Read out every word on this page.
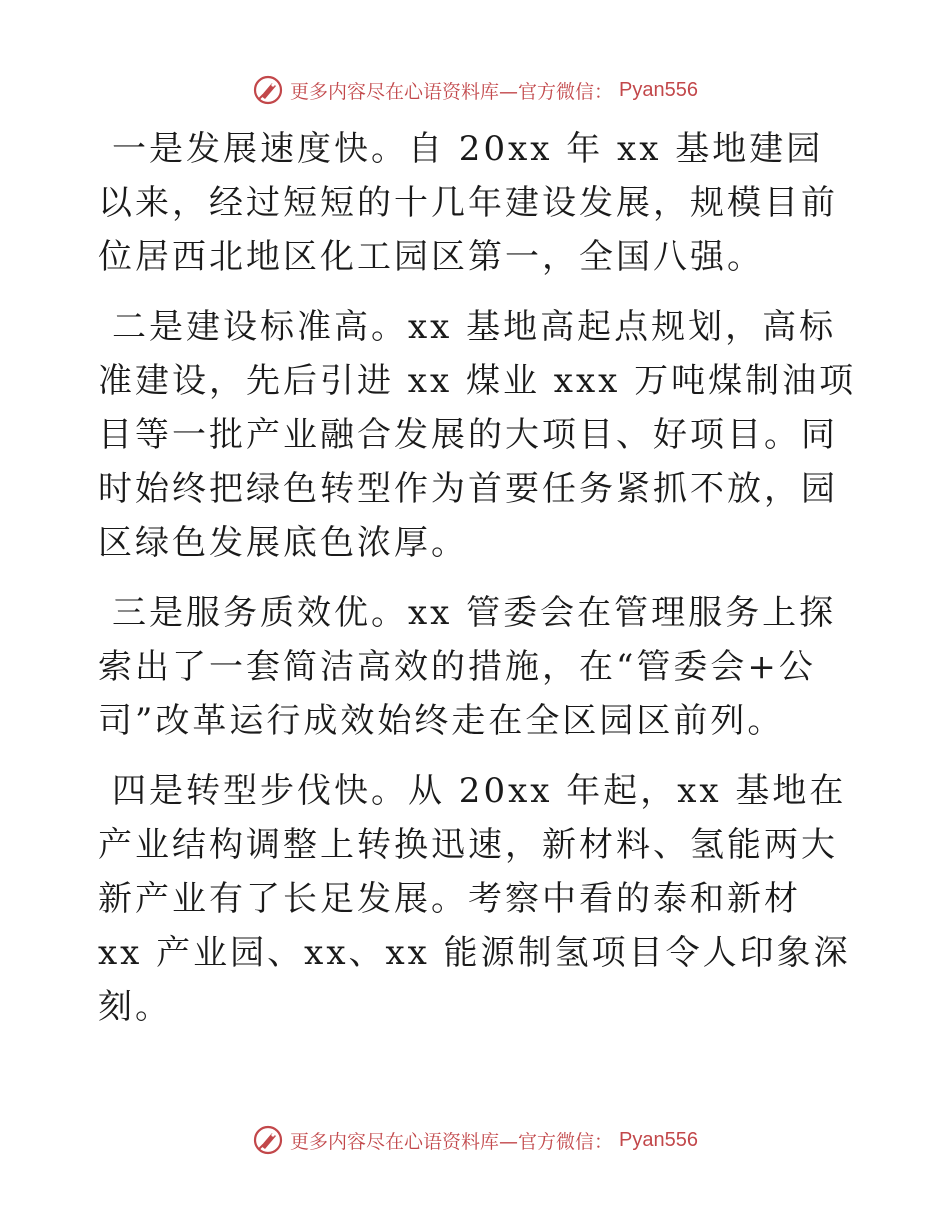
更多内容尽在心语资料库—官方微信： Pyan556

一是发展速度快。自 20xx 年 xx 基地建园以来，经过短短的十几年建设发展，规模目前位居西北地区化工园区第一，全国八强。

二是建设标准高。xx 基地高起点规划，高标准建设，先后引进 xx 煤业 xxx 万吨煤制油项目等一批产业融合发展的大项目、好项目。同时始终把绿色转型作为首要任务紧抓不放，园区绿色发展底色浓厚。

三是服务质效优。xx 管委会在管理服务上探索出了一套简洁高效的措施，在“管委会+公司”改革运行成效始终走在全区园区前列。

四是转型步伐快。从 20xx 年起，xx 基地在产业结构调整上转换迅速，新材料、氢能两大新产业有了长足发展。考察中看的泰和新材 xx 产业园、xx、xx 能源制氢项目令人印象深刻。

更多内容尽在心语资料库—官方微信： Pyan556
